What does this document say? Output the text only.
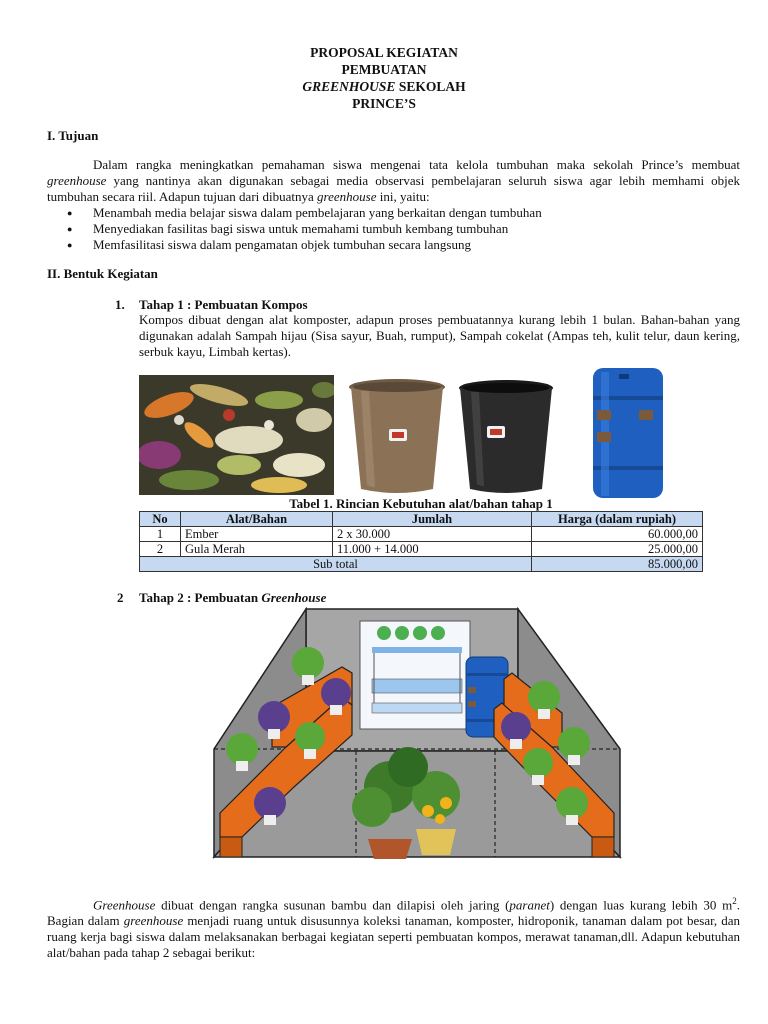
PROPOSAL KEGIATAN
PEMBUATAN
GREENHOUSE SEKOLAH
PRINCE’S
I. Tujuan
Dalam rangka meningkatkan pemahaman siswa mengenai tata kelola tumbuhan maka sekolah Prince’s membuat greenhouse yang nantinya akan digunakan sebagai media observasi pembelajaran seluruh siswa agar lebih memhami objek tumbuhan secara riil. Adapun tujuan dari dibuatnya greenhouse ini, yaitu:
● Menambah media belajar siswa dalam pembelajaran yang berkaitan dengan tumbuhan
● Menyediakan fasilitas bagi siswa untuk memahami tumbuh kembang tumbuhan
● Memfasilitasi siswa dalam pengamatan objek tumbuhan secara langsung
II. Bentuk Kegiatan
1. Tahap 1 : Pembuatan Kompos
Kompos dibuat dengan alat komposter, adapun proses pembuatannya kurang lebih 1 bulan. Bahan-bahan yang digunakan adalah Sampah hijau (Sisa sayur, Buah, rumput), Sampah cokelat (Ampas teh, kulit telur, daun kering, serbuk kayu, Limbah kertas).
Tabel 1. Rincian Kebutuhan alat/bahan tahap 1
No	Alat/Bahan	Jumlah	Harga (dalam rupiah)
1	Ember	2 x 30.000	60.000,00
2	Gula Merah	11.000 + 14.000	25.000,00
Sub total			85.000,00
2 Tahap 2 : Pembuatan Greenhouse
Greenhouse dibuat dengan rangka susunan bambu dan dilapisi oleh jaring (paranet) dengan luas kurang lebih 30 $m^2$. Bagian dalam greenhouse menjadi ruang untuk disusunnya koleksi tanaman, komposter, hidroponik, tanaman dalam pot besar, dan ruang kerja bagi siswa dalam melaksanakan berbagai kegiatan seperti pembuatan kompos, merawat tanaman,dll. Adapun kebutuhan alat/bahan pada tahap 2 sebagai berikut:
